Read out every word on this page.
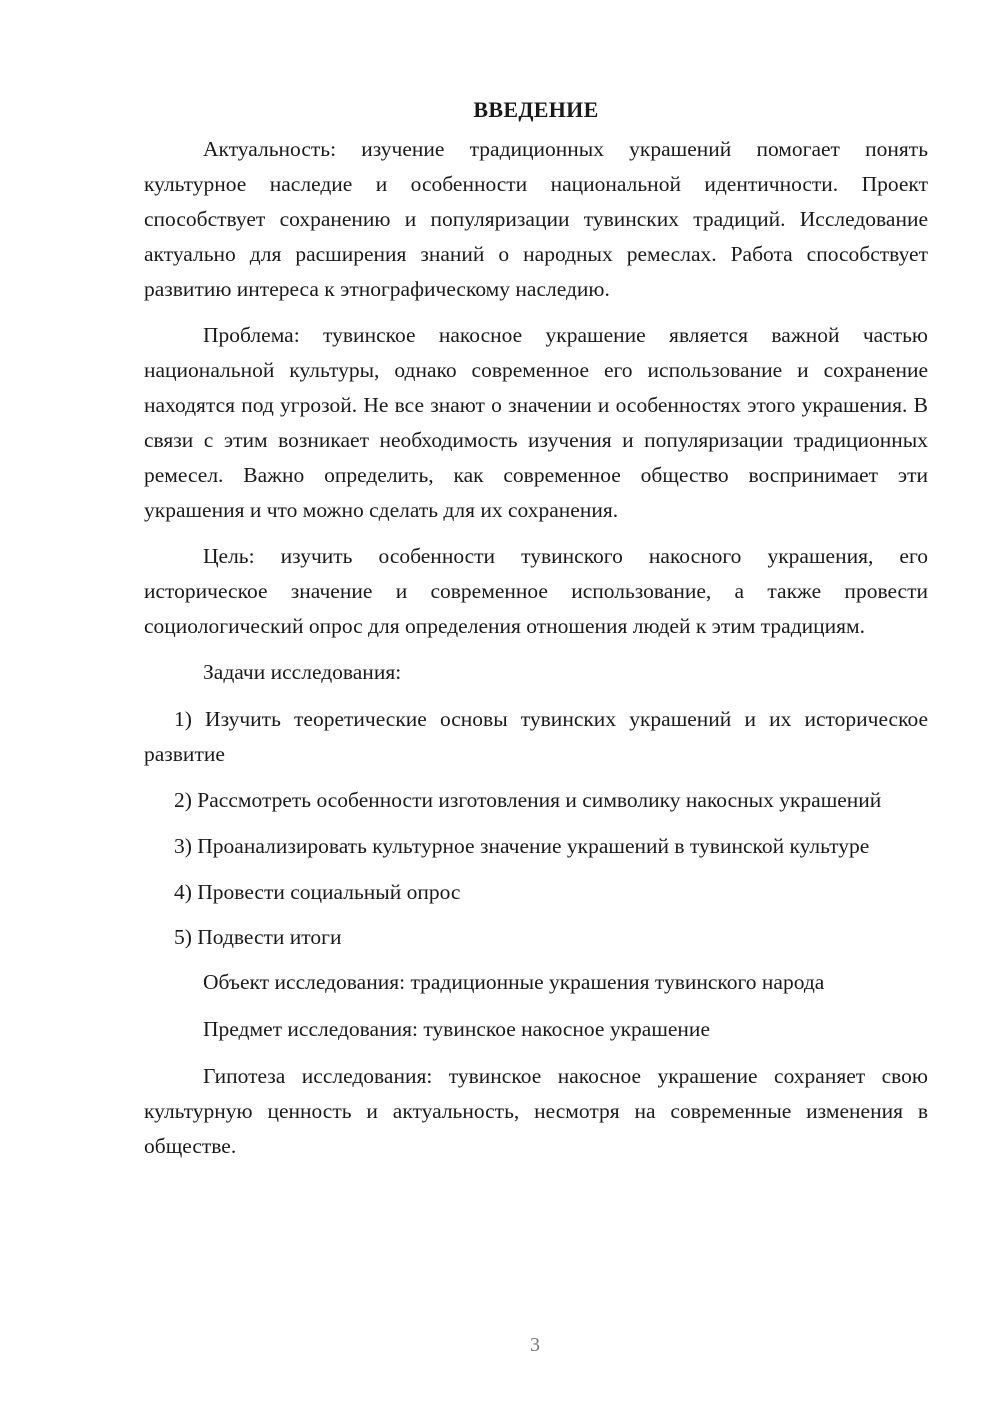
ВВЕДЕНИЕ

Актуальность: изучение традиционных украшений помогает понять культурное наследие и особенности национальной идентичности. Проект способствует сохранению и популяризации тувинских традиций. Исследование актуально для расширения знаний о народных ремеслах. Работа способствует развитию интереса к этнографическому наследию.

Проблема: тувинское накосное украшение является важной частью национальной культуры, однако современное его использование и сохранение находятся под угрозой. Не все знают о значении и особенностях этого украшения. В связи с этим возникает необходимость изучения и популяризации традиционных ремесел. Важно определить, как современное общество воспринимает эти украшения и что можно сделать для их сохранения.

Цель: изучить особенности тувинского накосного украшения, его историческое значение и современное использование, а также провести социологический опрос для определения отношения людей к этим традициям.

Задачи исследования:

1) Изучить теоретические основы тувинских украшений и их историческое развитие

2) Рассмотреть особенности изготовления и символику накосных украшений

3) Проанализировать культурное значение украшений в тувинской культуре

4) Провести социальный опрос

5) Подвести итоги

Объект исследования: традиционные украшения тувинского народа

Предмет исследования: тувинское накосное украшение

Гипотеза исследования: тувинское накосное украшение сохраняет свою культурную ценность и актуальность, несмотря на современные изменения в обществе.

3
